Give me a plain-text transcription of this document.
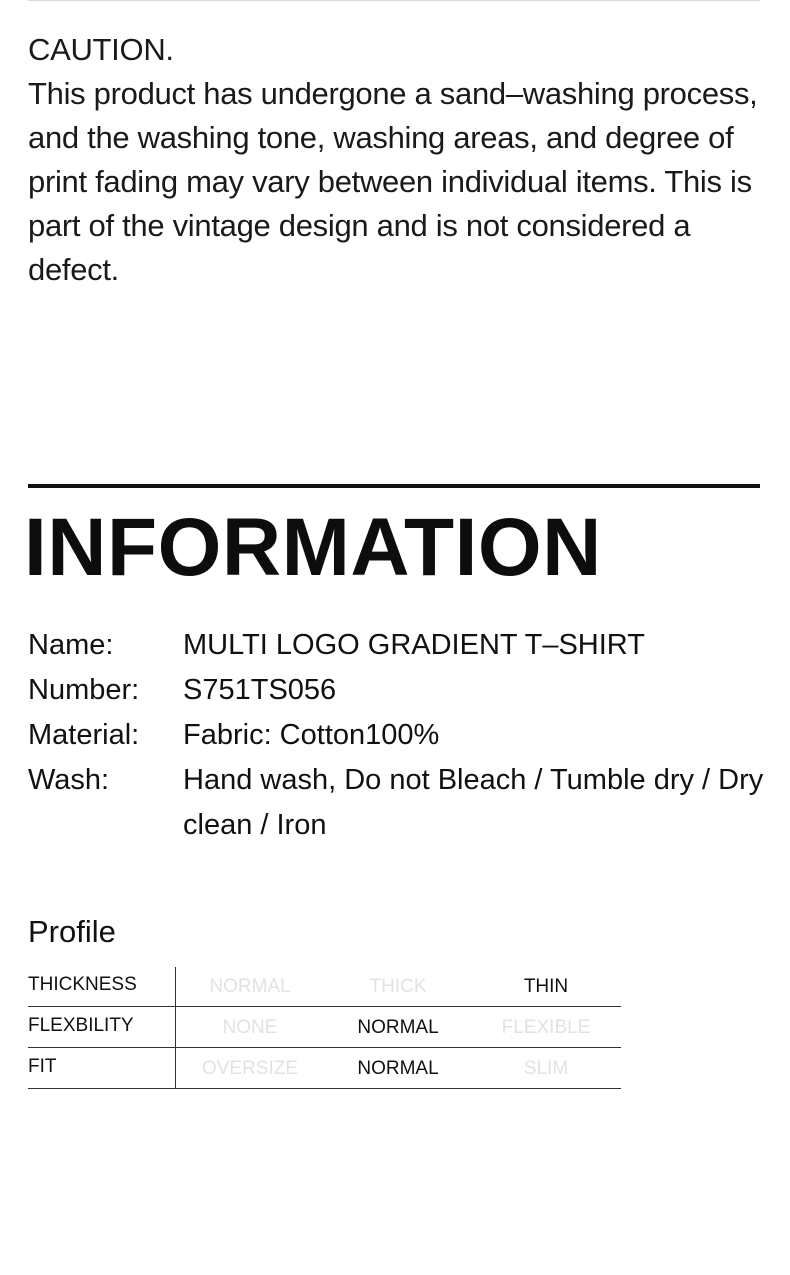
CAUTION.
This product has undergone a sand–washing process, and the washing tone, washing areas, and degree of print fading may vary between individual items. This is part of the vintage design and is not considered a defect.
INFORMATION
Name:	MULTI LOGO GRADIENT T–SHIRT
Number:	S751TS056
Material:	Fabric: Cotton100%
Wash:	Hand wash, Do not Bleach / Tumble dry / Dry clean / Iron
Profile
THICKNESS	NORMAL	THICK	THIN
FLEXBILITY	NONE	NORMAL	FLEXIBLE
FIT	OVERSIZE	NORMAL	SLIM
